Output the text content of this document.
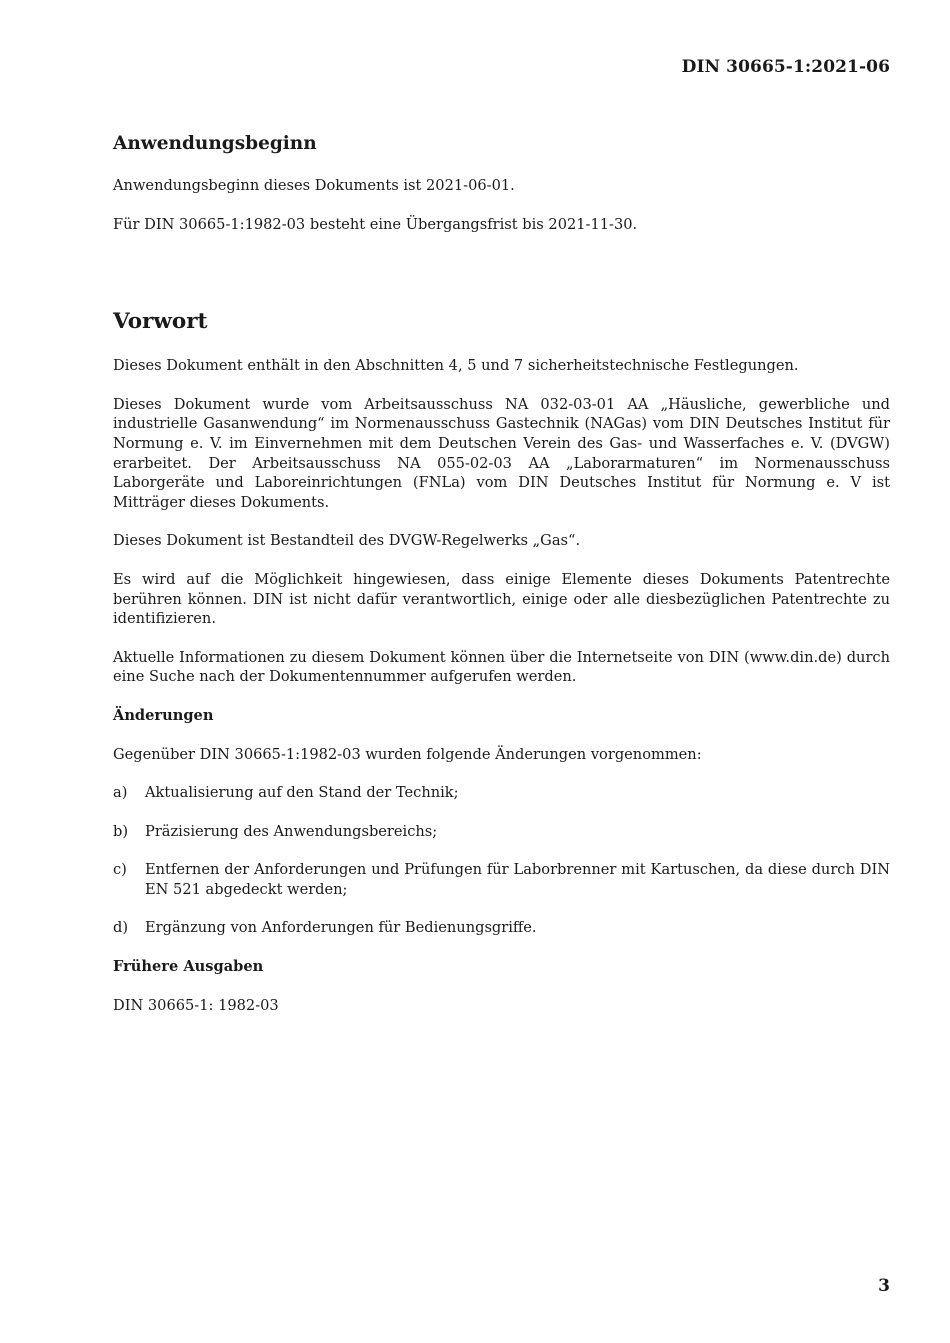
DIN 30665-1:2021-06
Anwendungsbeginn

Anwendungsbeginn dieses Dokuments ist 2021-06-01.

Für DIN 30665-1:1982-03 besteht eine Übergangsfrist bis 2021-11-30.

Vorwort

Dieses Dokument enthält in den Abschnitten 4, 5 und 7 sicherheitstechnische Festlegungen.

Dieses Dokument wurde vom Arbeitsausschuss NA 032-03-01 AA „Häusliche, gewerbliche und industrielle Gasanwendung“ im Normenausschuss Gastechnik (NAGas) vom DIN Deutsches Institut für Normung e. V. im Einvernehmen mit dem Deutschen Verein des Gas- und Wasserfaches e. V. (DVGW) erarbeitet. Der Arbeitsausschuss NA 055-02-03 AA „Laborarmaturen“ im Normenausschuss Laborgeräte und Laboreinrichtungen (FNLa) vom DIN Deutsches Institut für Normung e. V ist Mitträger dieses Dokuments.

Dieses Dokument ist Bestandteil des DVGW-Regelwerks „Gas“.

Es wird auf die Möglichkeit hingewiesen, dass einige Elemente dieses Dokuments Patentrechte berühren können. DIN ist nicht dafür verantwortlich, einige oder alle diesbezüglichen Patentrechte zu identifizieren.

Aktuelle Informationen zu diesem Dokument können über die Internetseite von DIN (www.din.de) durch eine Suche nach der Dokumentennummer aufgerufen werden.

Änderungen

Gegenüber DIN 30665-1:1982-03 wurden folgende Änderungen vorgenommen:

a)	Aktualisierung auf den Stand der Technik;
b)	Präzisierung des Anwendungsbereichs;
c)	Entfernen der Anforderungen und Prüfungen für Laborbrenner mit Kartuschen, da diese durch DIN EN 521 abgedeckt werden;
d)	Ergänzung von Anforderungen für Bedienungsgriffe.
Frühere Ausgaben

DIN 30665-1: 1982-03

3
